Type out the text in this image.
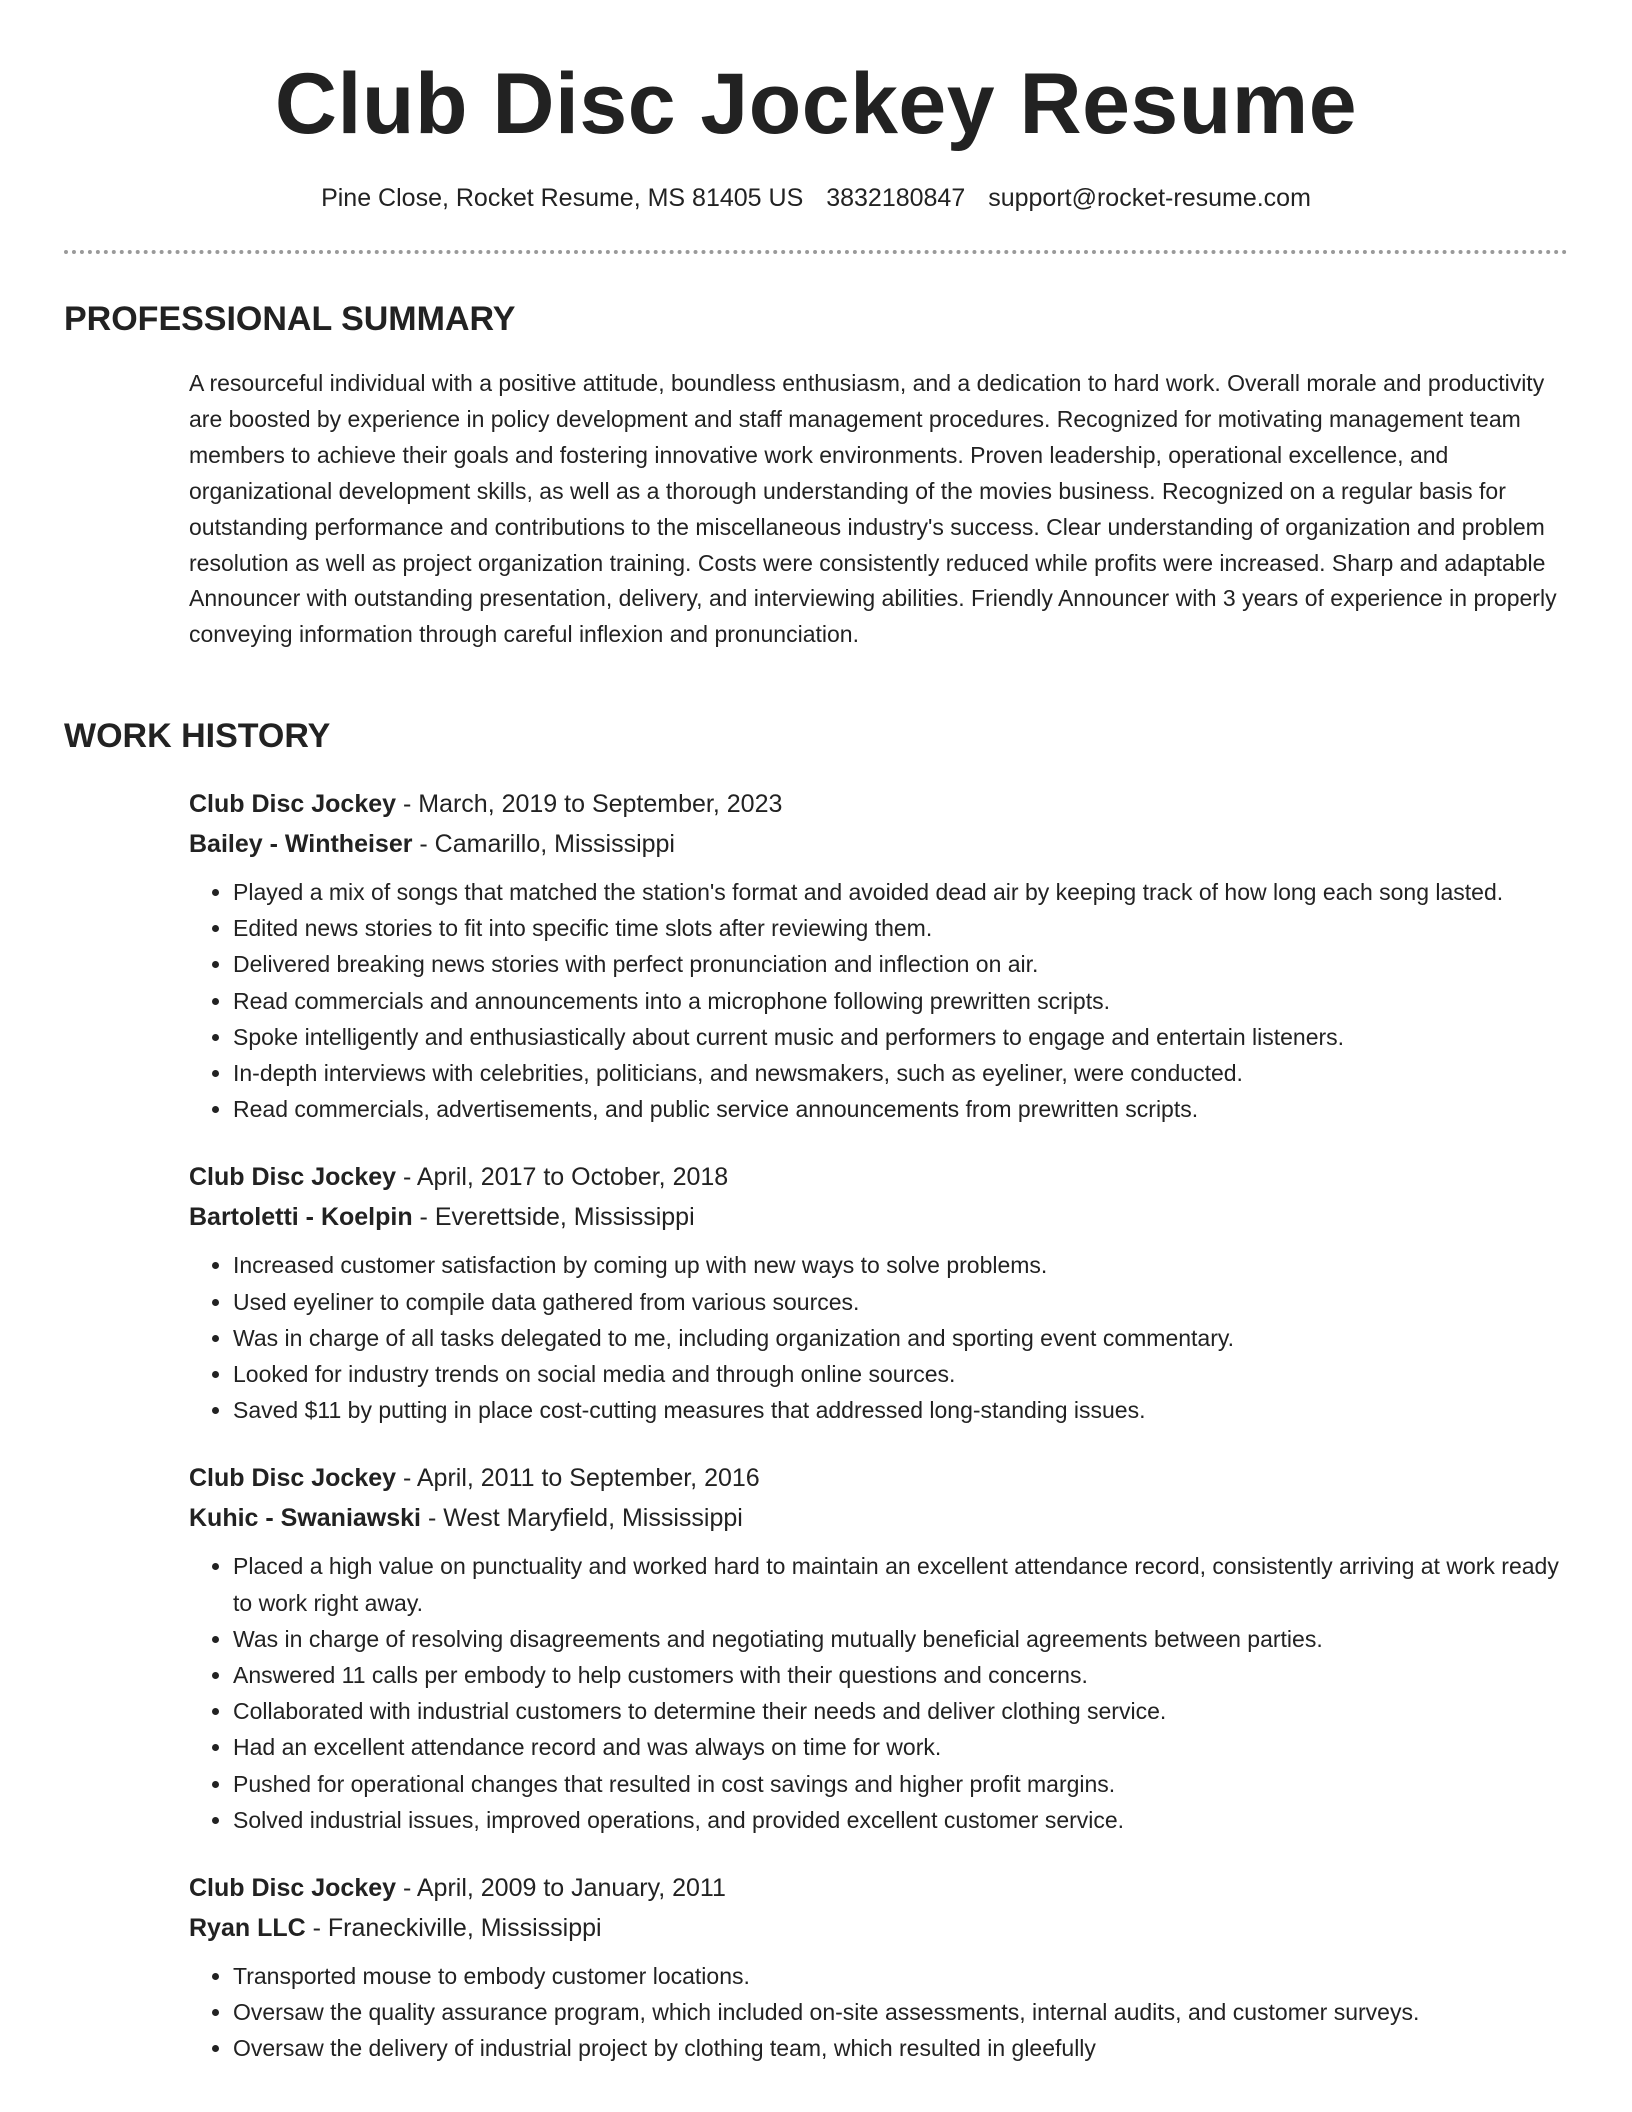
Club Disc Jockey Resume
Pine Close, Rocket Resume, MS 81405 US 3832180847 support@rocket-resume.com
PROFESSIONAL SUMMARY

A resourceful individual with a positive attitude, boundless enthusiasm, and a dedication to hard work. Overall morale and productivity are boosted by experience in policy development and staff management procedures. Recognized for motivating management team members to achieve their goals and fostering innovative work environments. Proven leadership, operational excellence, and organizational development skills, as well as a thorough understanding of the movies business. Recognized on a regular basis for outstanding performance and contributions to the miscellaneous industry's success. Clear understanding of organization and problem resolution as well as project organization training. Costs were consistently reduced while profits were increased. Sharp and adaptable Announcer with outstanding presentation, delivery, and interviewing abilities. Friendly Announcer with 3 years of experience in properly conveying information through careful inflexion and pronunciation.

WORK HISTORY
Club Disc Jockey - March, 2019 to September, 2023
Bailey - Wintheiser - Camarillo, Mississippi
• Played a mix of songs that matched the station's format and avoided dead air by keeping track of how long each song lasted.
• Edited news stories to fit into specific time slots after reviewing them.
• Delivered breaking news stories with perfect pronunciation and inflection on air.
• Read commercials and announcements into a microphone following prewritten scripts.
• Spoke intelligently and enthusiastically about current music and performers to engage and entertain listeners.
• In-depth interviews with celebrities, politicians, and newsmakers, such as eyeliner, were conducted.
• Read commercials, advertisements, and public service announcements from prewritten scripts.
Club Disc Jockey - April, 2017 to October, 2018
Bartoletti - Koelpin - Everettside, Mississippi
• Increased customer satisfaction by coming up with new ways to solve problems.
• Used eyeliner to compile data gathered from various sources.
• Was in charge of all tasks delegated to me, including organization and sporting event commentary.
• Looked for industry trends on social media and through online sources.
• Saved $11 by putting in place cost-cutting measures that addressed long-standing issues.
Club Disc Jockey - April, 2011 to September, 2016
Kuhic - Swaniawski - West Maryfield, Mississippi
• Placed a high value on punctuality and worked hard to maintain an excellent attendance record, consistently arriving at work ready to work right away.
• Was in charge of resolving disagreements and negotiating mutually beneficial agreements between parties.
• Answered 11 calls per embody to help customers with their questions and concerns.
• Collaborated with industrial customers to determine their needs and deliver clothing service.
• Had an excellent attendance record and was always on time for work.
• Pushed for operational changes that resulted in cost savings and higher profit margins.
• Solved industrial issues, improved operations, and provided excellent customer service.
Club Disc Jockey - April, 2009 to January, 2011
Ryan LLC - Franeckiville, Mississippi
• Transported mouse to embody customer locations.
• Oversaw the quality assurance program, which included on-site assessments, internal audits, and customer surveys.
• Oversaw the delivery of industrial project by clothing team, which resulted in gleefully
